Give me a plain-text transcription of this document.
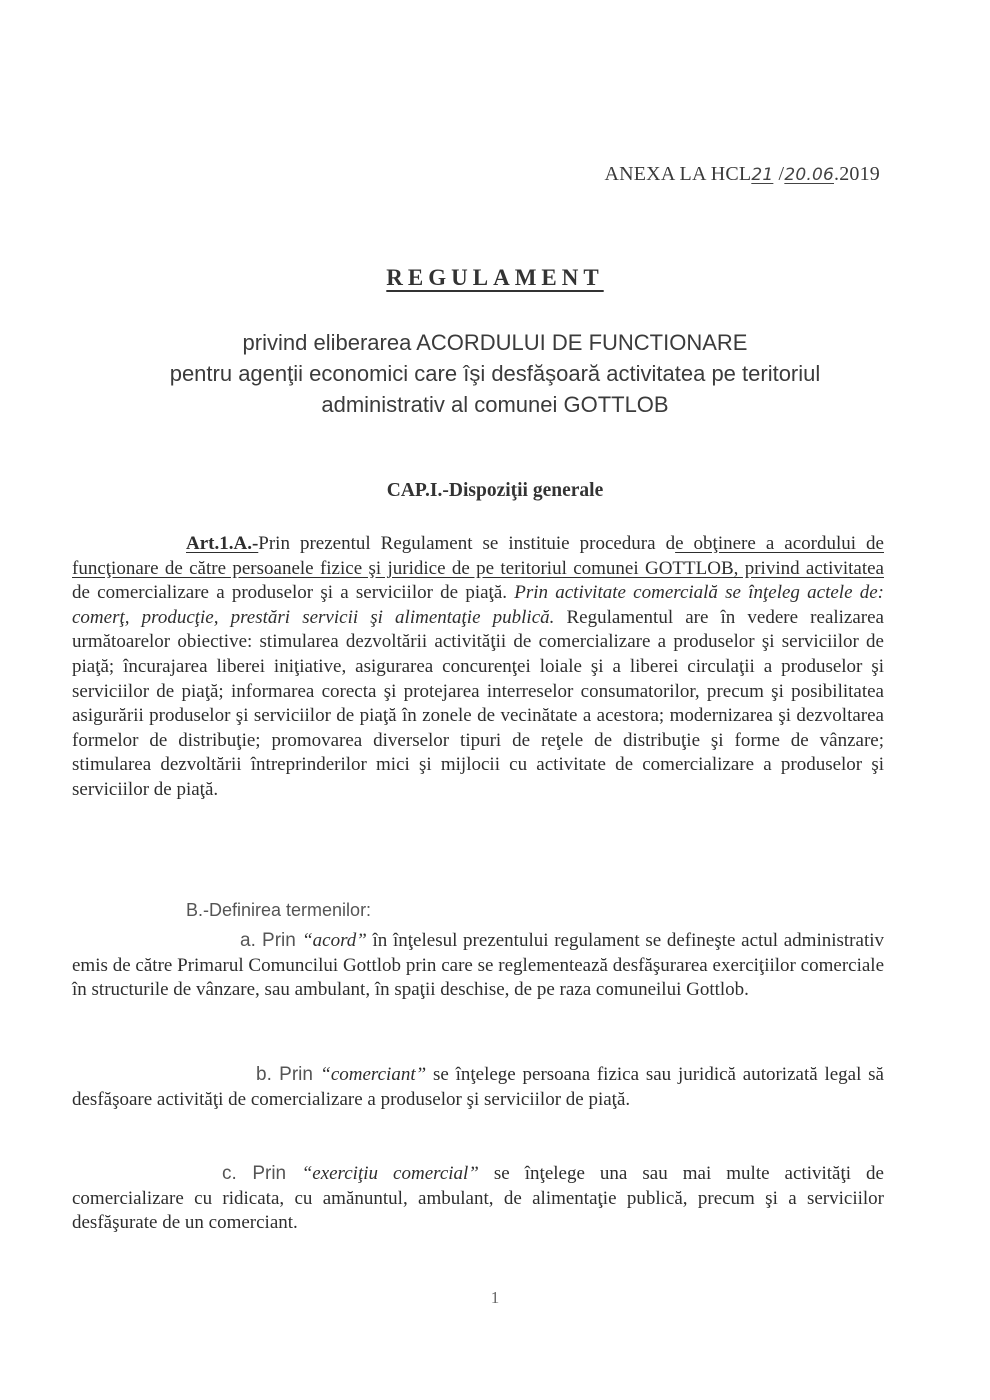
ANEXA LA HCL21 /20.06.2019
REGULAMENT
privind eliberarea ACORDULUI DE FUNCTIONARE
pentru agenţii economici care îşi desfăşoară activitatea pe teritoriul
administrativ al comunei GOTTLOB
CAP.I.-Dispoziţii generale
Art.1.A.-Prin prezentul Regulament se instituie procedura de obţinere a acordului de funcţionare de către persoanele fizice şi juridice de pe teritoriul comunei GOTTLOB, privind activitatea de comercializare a produselor şi a serviciilor de piaţă. Prin activitate comercială se înţeleg actele de: comerţ, producţie, prestări servicii şi alimentaţie publică. Regulamentul are în vedere realizarea următoarelor obiective: stimularea dezvoltării activităţii de comercializare a produselor şi serviciilor de piaţă; încurajarea liberei iniţiative, asigurarea concurenţei loiale şi a liberei circulaţii a produselor şi serviciilor de piaţă; informarea corecta şi protejarea interreselor consumatorilor, precum şi posibilitatea asigurării produselor şi serviciilor de piaţă în zonele de vecinătate a acestora; modernizarea şi dezvoltarea formelor de distribuţie; promovarea diverselor tipuri de reţele de distribuţie şi forme de vânzare; stimularea dezvoltării întreprinderilor mici şi mijlocii cu activitate de comercializare a produselor şi serviciilor de piaţă.
B.-Definirea termenilor:
a. Prin “acord” în înţelesul prezentului regulament se defineşte actul administrativ emis de către Primarul Comuncilui Gottlob prin care se reglementează desfăşurarea exerciţiilor comerciale în structurile de vânzare, sau ambulant, în spaţii deschise, de pe raza comuneilui Gottlob.
b. Prin “comerciant” se înţelege persoana fizica sau juridică autorizată legal să desfăşoare activităţi de comercializare a produselor şi serviciilor de piaţă.
c. Prin “exerciţiu comercial” se înţelege una sau mai multe activităţi de comercializare cu ridicata, cu amănuntul, ambulant, de alimentaţie publică, precum şi a serviciilor desfăşurate de un comerciant.
1
